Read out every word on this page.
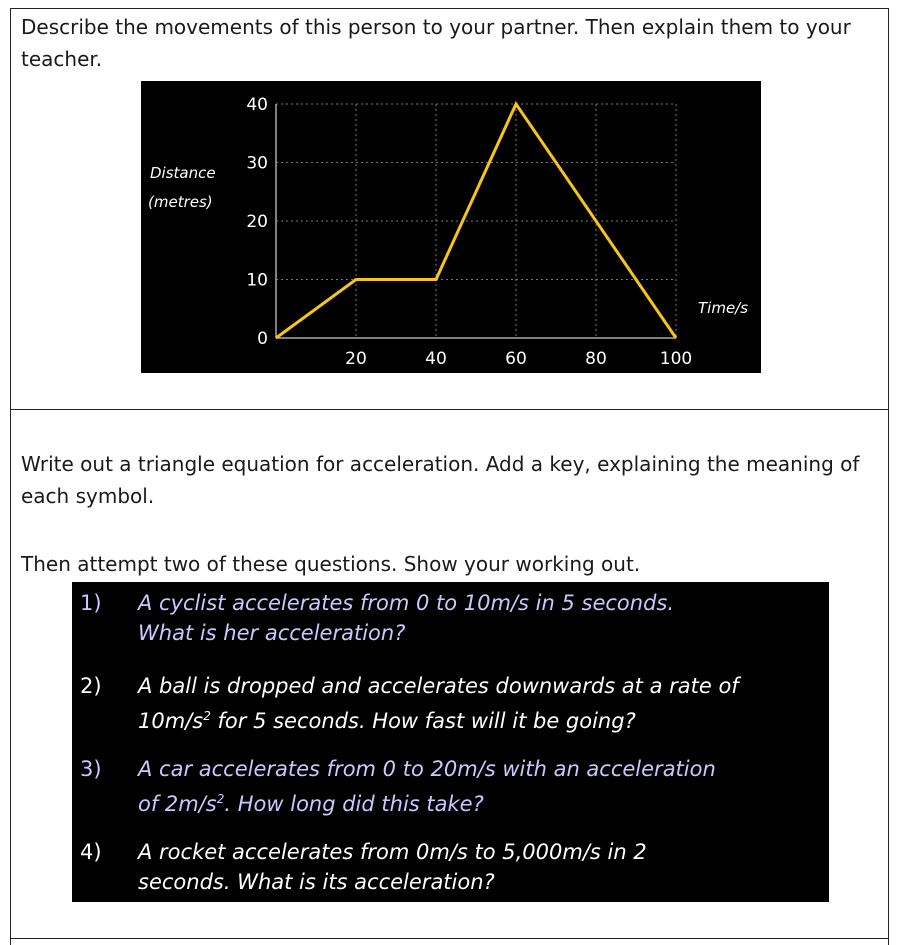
Describe the movements of this person to your partner. Then explain them to your teacher.

Distance
(metres)
Time/s
0
10
20
30
40
20	40	60	80	100

Write out a triangle equation for acceleration. Add a key, explaining the meaning of each symbol.

Then attempt two of these questions. Show your working out.

1) A cyclist accelerates from 0 to 10m/s in 5 seconds.
What is her acceleration?
2) A ball is dropped and accelerates downwards at a rate of
$10m/s^2$ for 5 seconds. How fast will it be going?
3) A car accelerates from 0 to 20m/s with an acceleration
of $2m/s^2$. How long did this take?
4) A rocket accelerates from 0m/s to 5,000m/s in 2
seconds. What is its acceleration?
